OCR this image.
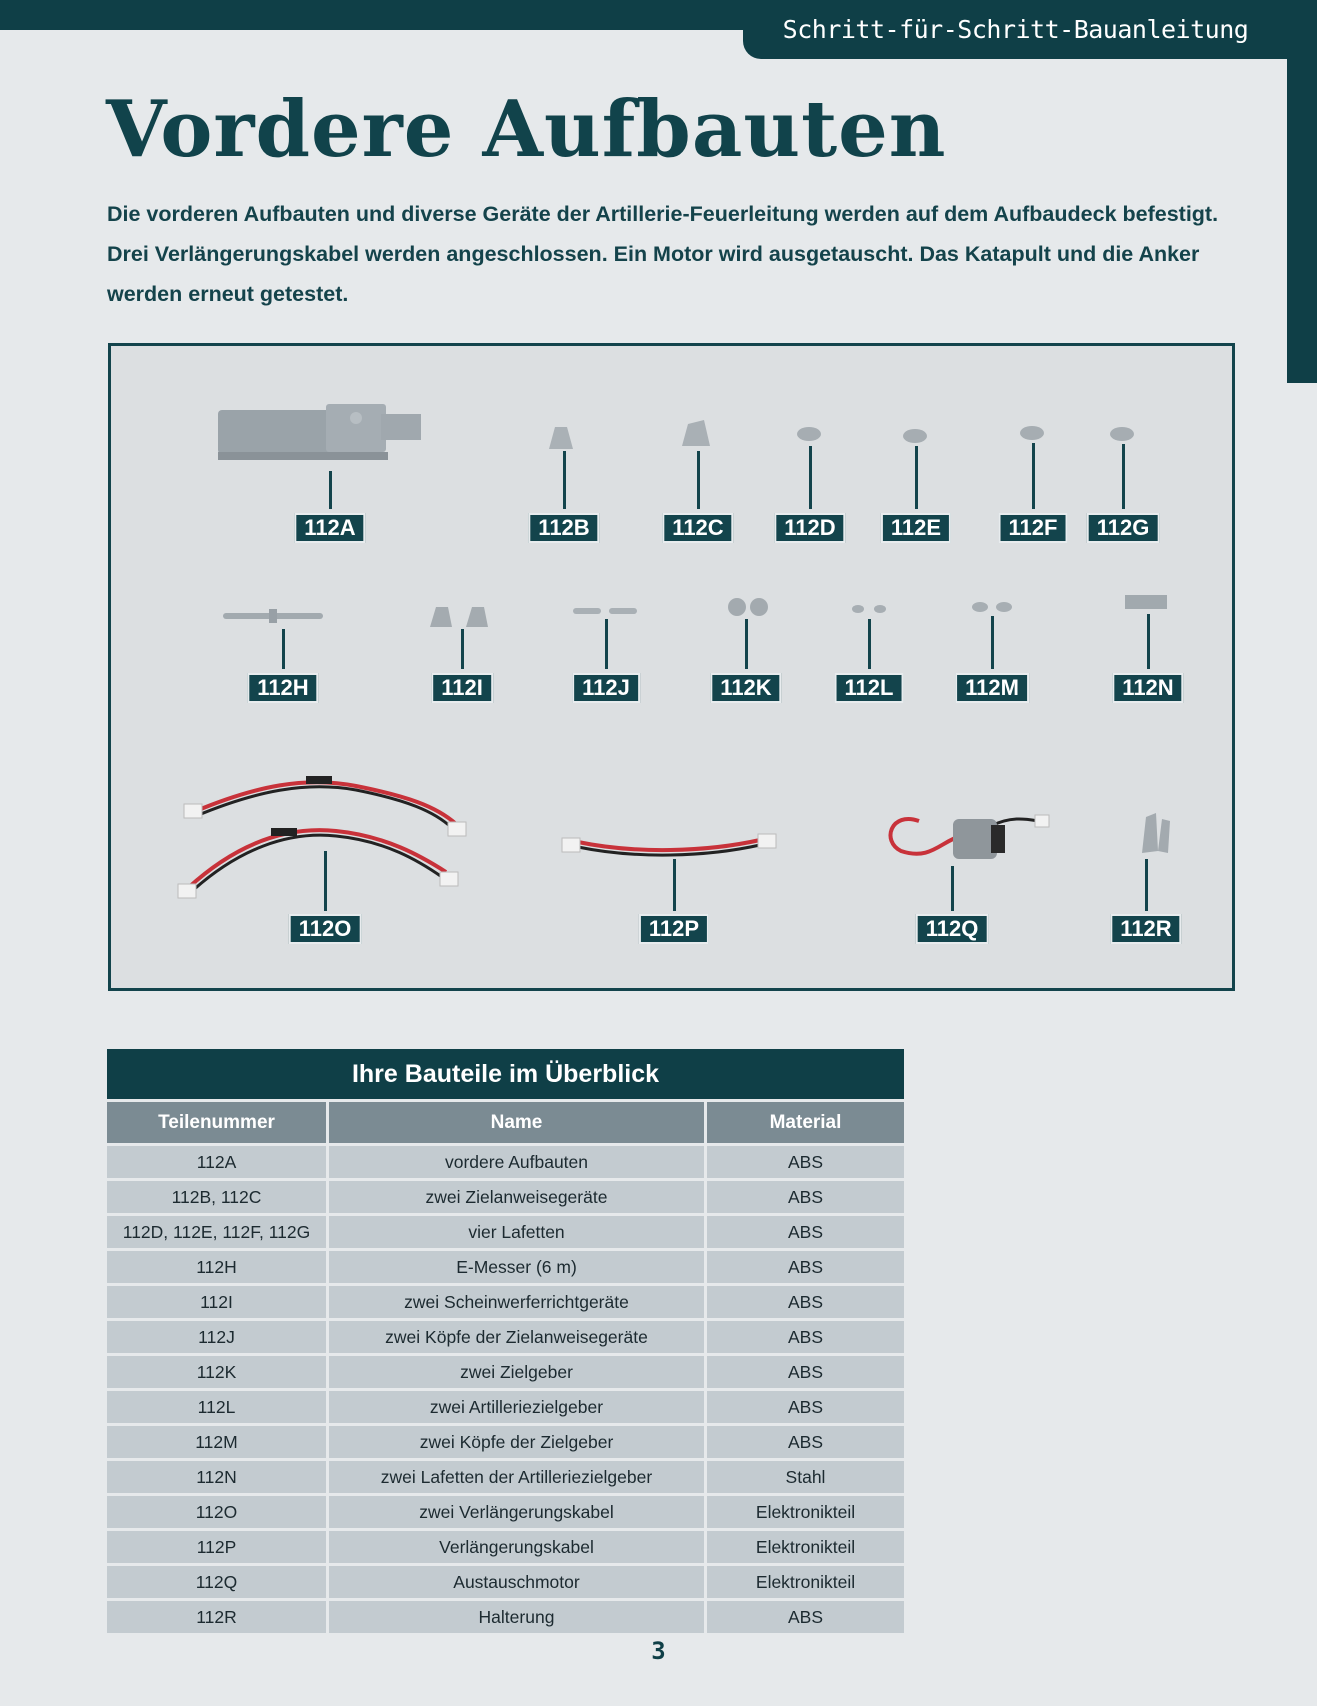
Schritt-für-Schritt-Bauanleitung
Vordere Aufbauten

Die vorderen Aufbauten und diverse Geräte der Artillerie-Feuerleitung werden auf dem Aufbaudeck befestigt. Drei Verlängerungskabel werden angeschlossen. Ein Motor wird ausgetauscht. Das Katapult und die Anker werden erneut getestet.

112A	112B	112C	112D	112E	112F	112G
112H	112I	112J	112K	112L	112M	112N
112O	112P	112Q	112R
Ihre Bauteile im Überblick		
Teilenummer	Name	Material
112A	vordere Aufbauten	ABS
112B, 112C	zwei Zielanweisegeräte	ABS
112D, 112E, 112F, 112G	vier Lafetten	ABS
112H	E-Messer (6 m)	ABS
112I	zwei Scheinwerferrichtgeräte	ABS
112J	zwei Köpfe der Zielanweisegeräte	ABS
112K	zwei Zielgeber	ABS
112L	zwei Artilleriezielgeber	ABS
112M	zwei Köpfe der Zielgeber	ABS
112N	zwei Lafetten der Artilleriezielgeber	Stahl
112O	zwei Verlängerungskabel	Elektronikteil
112P	Verlängerungskabel	Elektronikteil
112Q	Austauschmotor	Elektronikteil
112R	Halterung	ABS
3
